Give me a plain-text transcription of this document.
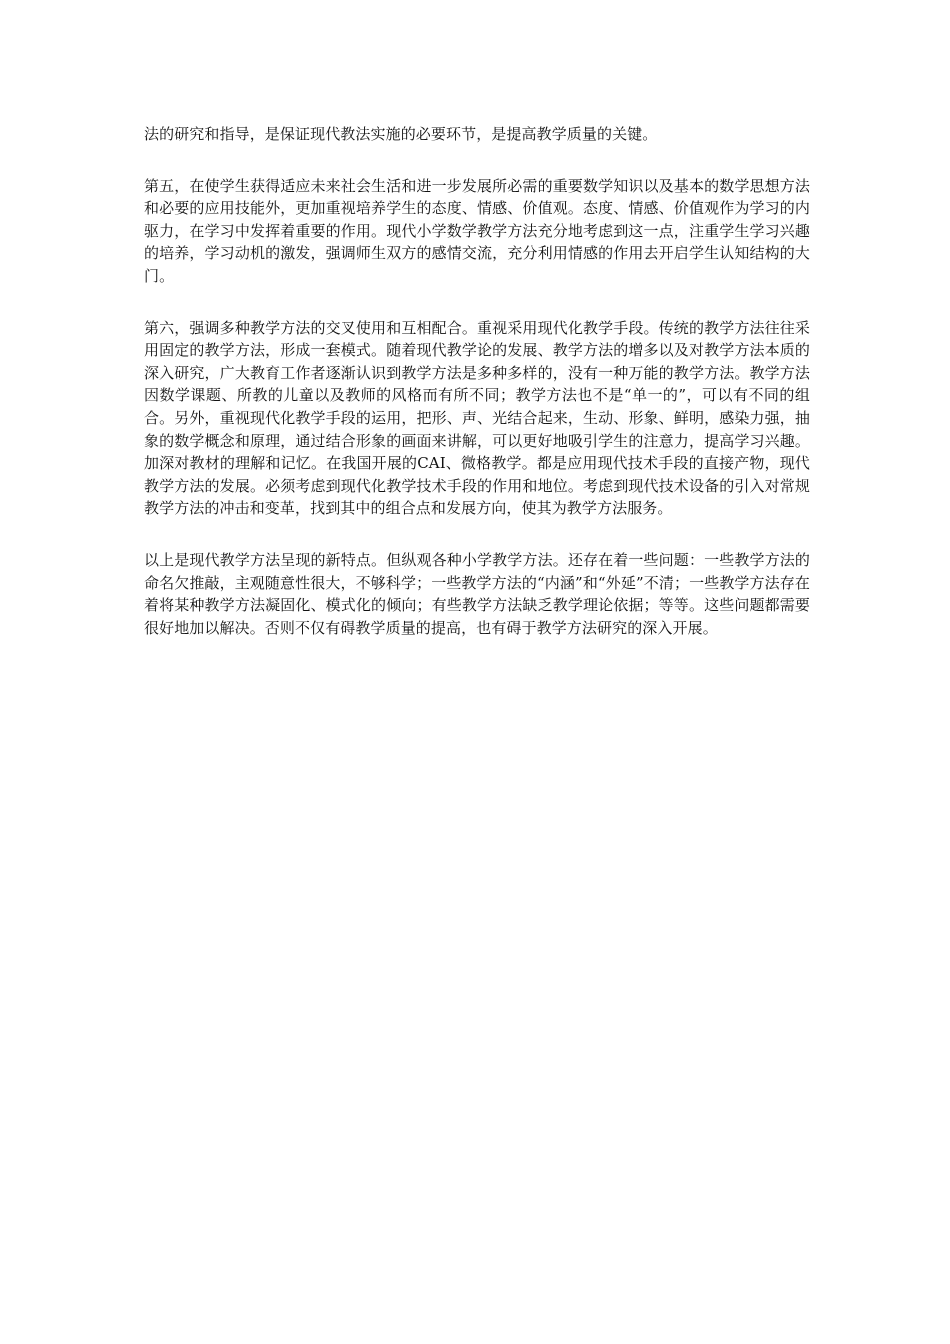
法的研究和指导，是保证现代教法实施的必要环节，是提高教学质量的关键。

第五，在使学生获得适应未来社会生活和进一步发展所必需的重要数学知识以及基本的数学思想方法和必要的应用技能外，更加重视培养学生的态度、情感、价值观。态度、情感、价值观作为学习的内驱力，在学习中发挥着重要的作用。现代小学数学教学方法充分地考虑到这一点，注重学生学习兴趣的培养，学习动机的激发，强调师生双方的感情交流，充分利用情感的作用去开启学生认知结构的大门。

第六，强调多种教学方法的交叉使用和互相配合。重视采用现代化教学手段。传统的教学方法往往采用固定的教学方法，形成一套模式。随着现代教学论的发展、教学方法的增多以及对教学方法本质的深入研究，广大教育工作者逐渐认识到教学方法是多种多样的，没有一种万能的教学方法。教学方法因数学课题、所教的儿童以及教师的风格而有所不同；教学方法也不是“单一的”，可以有不同的组合。另外，重视现代化教学手段的运用，把形、声、光结合起来，生动、形象、鲜明，感染力强，抽象的数学概念和原理，通过结合形象的画面来讲解，可以更好地吸引学生的注意力，提高学习兴趣。加深对教材的理解和记忆。在我国开展的CAI、微格教学。都是应用现代技术手段的直接产物，现代教学方法的发展。必须考虑到现代化教学技术手段的作用和地位。考虑到现代技术设备的引入对常规教学方法的冲击和变革，找到其中的组合点和发展方向，使其为教学方法服务。

以上是现代教学方法呈现的新特点。但纵观各种小学教学方法。还存在着一些问题：一些教学方法的命名欠推敲，主观随意性很大，不够科学；一些教学方法的“内涵”和“外延”不清；一些教学方法存在着将某种教学方法凝固化、模式化的倾向；有些教学方法缺乏教学理论依据；等等。这些问题都需要很好地加以解决。否则不仅有碍教学质量的提高，也有碍于教学方法研究的深入开展。
